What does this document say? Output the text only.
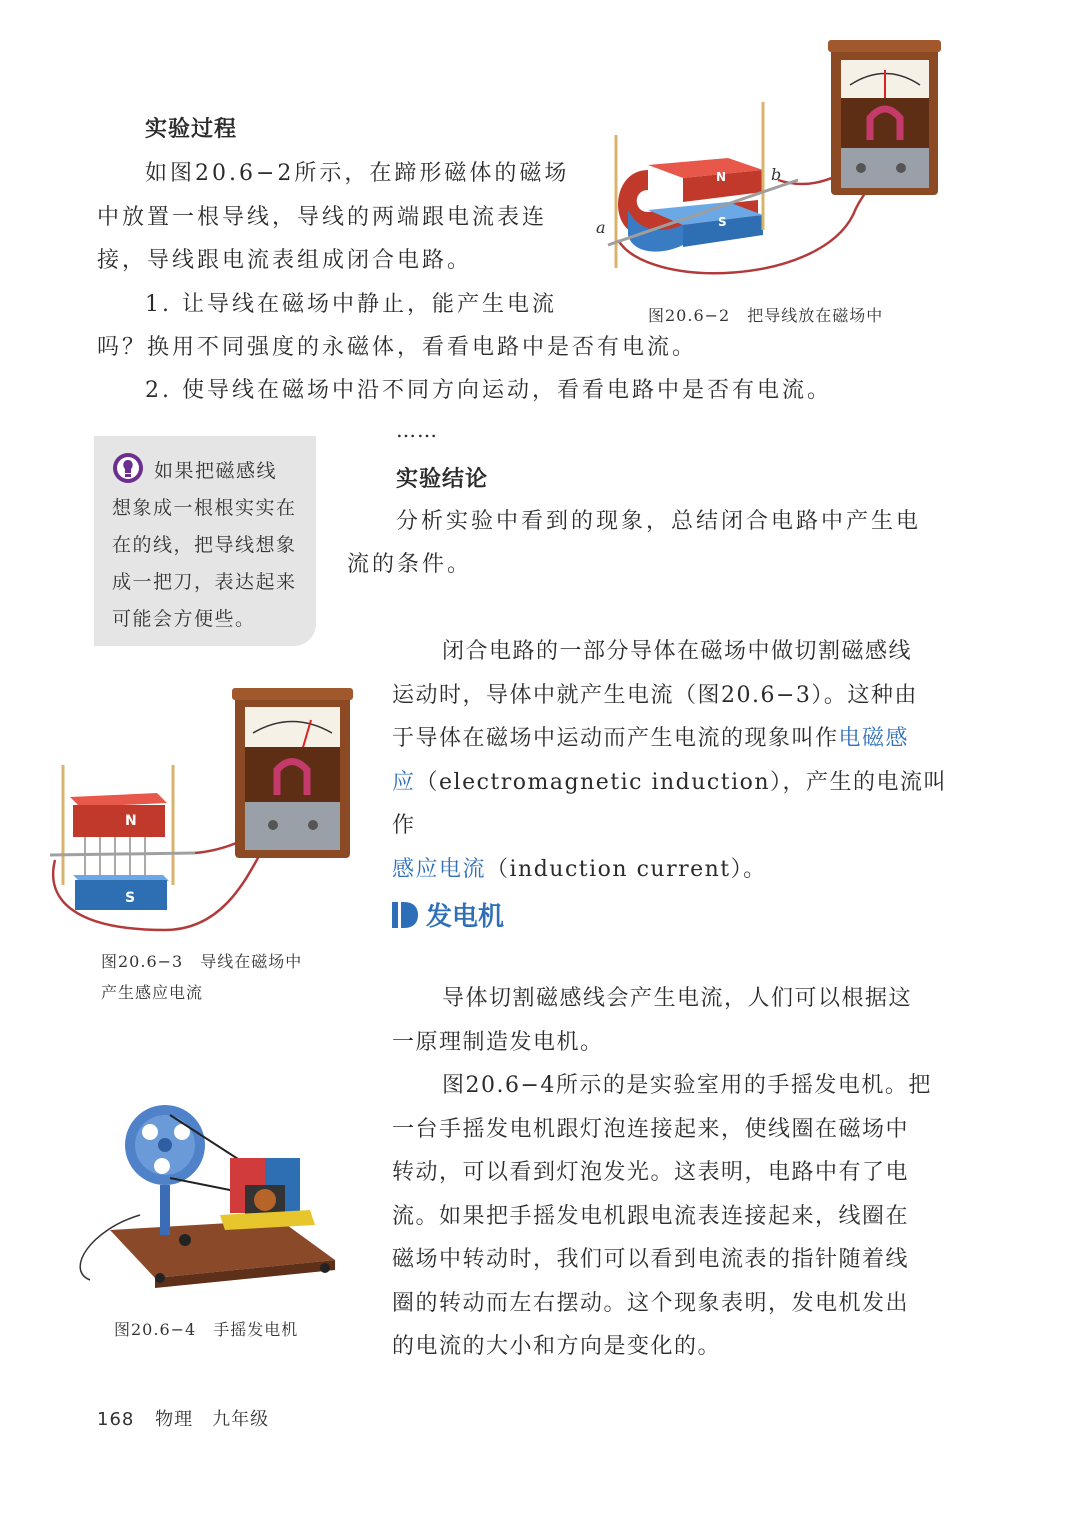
实验过程

如图20.6−2所示，在蹄形磁体的磁场

中放置一根导线，导线的两端跟电流表连

接，导线跟电流表组成闭合电路。

1. 让导线在磁场中静止，能产生电流

吗？换用不同强度的永磁体，看看电路中是否有电流。

2. 使导线在磁场中沿不同方向运动，看看电路中是否有电流。

……
N
S
a
b
图20.6−2　把导线放在磁场中
如果把磁感线
想象成一根根实实在
在的线，把导线想象
成一把刀，表达起来
可能会方便些。
实验结论

分析实验中看到的现象，总结闭合电路中产生电

流的条件。

闭合电路的一部分导体在磁场中做切割磁感线

运动时，导体中就产生电流（图20.6−3）。这种由

于导体在磁场中运动而产生电流的现象叫作电磁感

应（electromagnetic induction），产生的电流叫作

感应电流（induction current）。

N
S
图20.6−3　导线在磁场中
产生感应电流
发电机

导体切割磁感线会产生电流，人们可以根据这

一原理制造发电机。

图20.6−4所示的是实验室用的手摇发电机。把

一台手摇发电机跟灯泡连接起来，使线圈在磁场中

转动，可以看到灯泡发光。这表明，电路中有了电

流。如果把手摇发电机跟电流表连接起来，线圈在

磁场中转动时，我们可以看到电流表的指针随着线

圈的转动而左右摆动。这个现象表明，发电机发出

的电流的大小和方向是变化的。

图20.6−4　手摇发电机
168 物理　九年级
